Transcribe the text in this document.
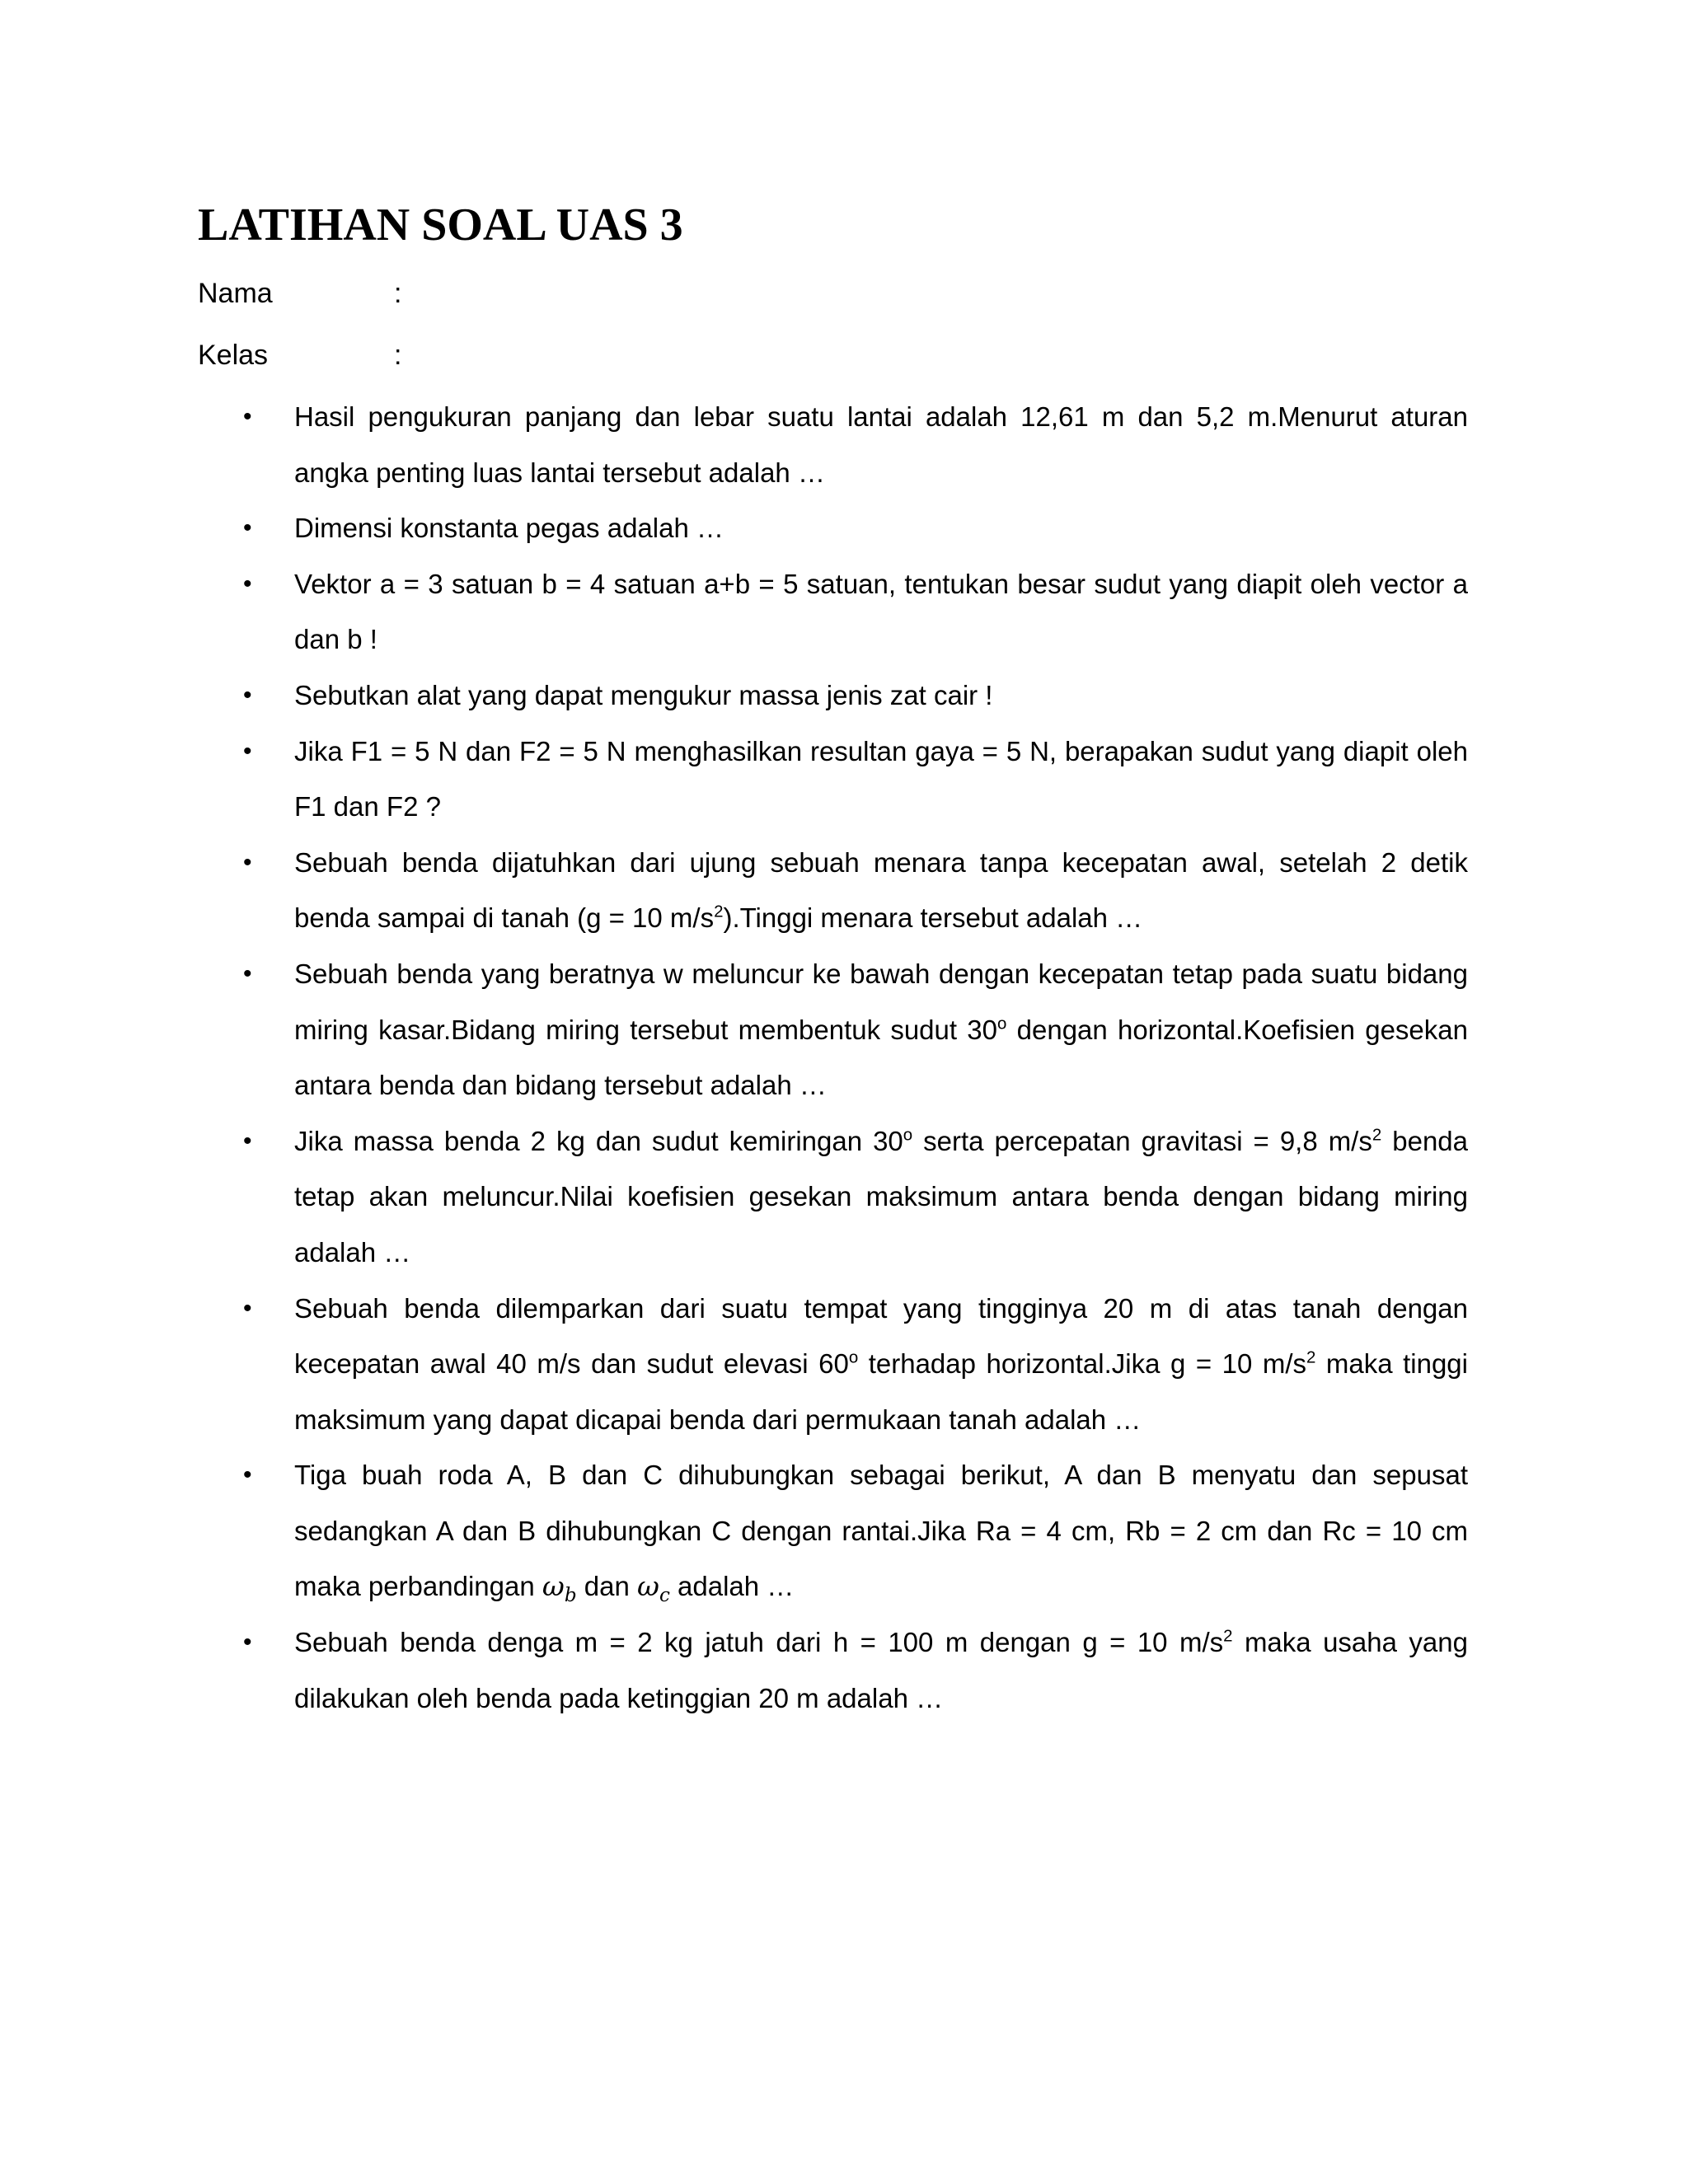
LATIHAN SOAL UAS 3
Nama	:
Kelas	:
• Hasil pengukuran panjang dan lebar suatu lantai adalah 12,61 m dan 5,2 m.Menurut aturan angka penting luas lantai tersebut adalah …
• Dimensi konstanta pegas adalah …
• Vektor a = 3 satuan b = 4 satuan a+b = 5 satuan, tentukan besar sudut yang diapit oleh vector a dan b !
• Sebutkan alat yang dapat mengukur massa jenis zat cair !
• Jika F1 = 5 N dan F2 = 5 N menghasilkan resultan gaya = 5 N, berapakan sudut yang diapit oleh F1 dan F2 ?
• Sebuah benda dijatuhkan dari ujung sebuah menara tanpa kecepatan awal, setelah 2 detik benda sampai di tanah (g = 10 $m/s^2).Tinggi$ menara tersebut adalah …
• Sebuah benda yang beratnya w meluncur ke bawah dengan kecepatan tetap pada suatu bidang miring kasar.Bidang miring tersebut membentuk sudut 30$^o$ dengan horizontal.Koefisien gesekan antara benda dan bidang tersebut adalah …
• Jika massa benda 2 kg dan sudut kemiringan 30$^o$ serta percepatan gravitasi = 9,8 $m/s^2$ benda tetap akan meluncur.Nilai koefisien gesekan maksimum antara benda dengan bidang miring adalah …
• Sebuah benda dilemparkan dari suatu tempat yang tingginya 20 m di atas tanah dengan kecepatan awal 40 m/s dan sudut elevasi 60$^o$ terhadap horizontal.Jika g = 10 $m/s^2$ maka tinggi maksimum yang dapat dicapai benda dari permukaan tanah adalah …
• Tiga buah roda A, B dan C dihubungkan sebagai berikut, A dan B menyatu dan sepusat sedangkan A dan B dihubungkan C dengan rantai.Jika Ra = 4 cm, Rb = 2 cm dan Rc = 10 cm maka perbandingan $\omega_b$ dan $\omega_c$ adalah …
• Sebuah benda denga m = 2 kg jatuh dari h = 100 m dengan g = 10 $m/s^2$ maka usaha yang dilakukan oleh benda pada ketinggian 20 m adalah …
